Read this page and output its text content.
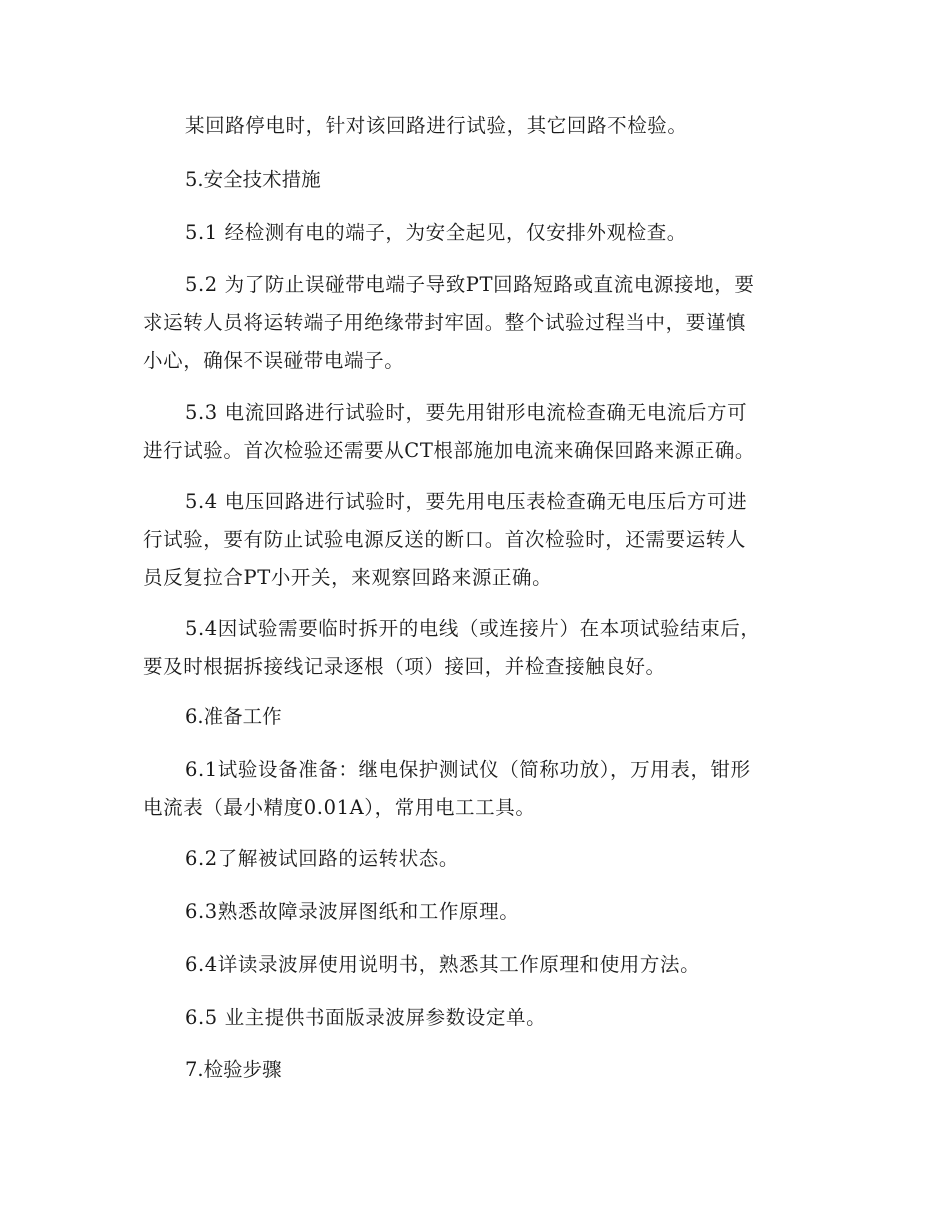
某回路停电时，针对该回路进行试验，其它回路不检验。

5.安全技术措施

5.1 经检测有电的端子，为安全起见，仅安排外观检查。

5.2 为了防止误碰带电端子导致PT回路短路或直流电源接地，要
求运转人员将运转端子用绝缘带封牢固。整个试验过程当中，要谨慎
小心，确保不误碰带电端子。

5.3 电流回路进行试验时，要先用钳形电流检查确无电流后方可
进行试验。首次检验还需要从CT根部施加电流来确保回路来源正确。

5.4 电压回路进行试验时，要先用电压表检查确无电压后方可进
行试验，要有防止试验电源反送的断口。首次检验时，还需要运转人
员反复拉合PT小开关，来观察回路来源正确。

5.4因试验需要临时拆开的电线（或连接片）在本项试验结束后，
要及时根据拆接线记录逐根（项）接回，并检查接触良好。

6.准备工作

6.1试验设备准备：继电保护测试仪（简称功放），万用表，钳形
电流表（最小精度0.01A），常用电工工具。

6.2了解被试回路的运转状态。

6.3熟悉故障录波屏图纸和工作原理。

6.4详读录波屏使用说明书，熟悉其工作原理和使用方法。

6.5 业主提供书面版录波屏参数设定单。

7.检验步骤
